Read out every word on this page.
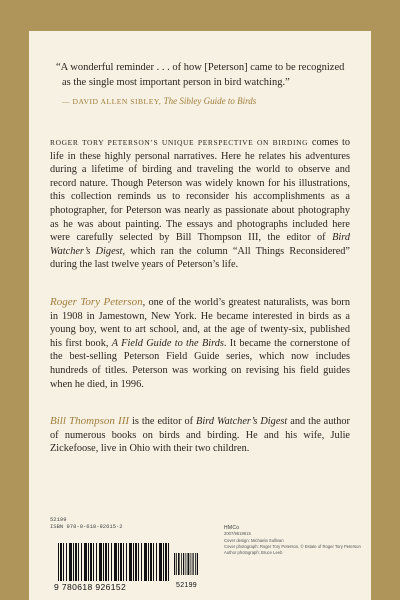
“A wonderful reminder . . . of how [Peterson] came to be recognized as the single most important person in bird watching.”

— DAVID ALLEN SIBLEY, The Sibley Guide to Birds

ROGER TORY PETERSON’S UNIQUE PERSPECTIVE ON BIRDING comes to life in these highly personal narratives. Here he relates his adventures during a lifetime of birding and traveling the world to observe and record nature. Though Peterson was widely known for his illustrations, this collection reminds us to reconsider his accomplishments as a photographer, for Peterson was nearly as passionate about photography as he was about painting. The essays and photographs included here were carefully selected by Bill Thompson III, the editor of Bird Watcher’s Digest, which ran the column “All Things Reconsidered” during the last twelve years of Peterson’s life.

Roger Tory Peterson, one of the world’s greatest naturalists, was born in 1908 in Jamestown, New York. He became interested in birds as a young boy, went to art school, and, at the age of twenty-six, published his first book, A Field Guide to the Birds. It became the cornerstone of the best-selling Peterson Field Guide series, which now includes hundreds of titles. Peterson was working on revising his field guides when he died, in 1996.

Bill Thompson III is the editor of Bird Watcher’s Digest and the author of numerous books on birds and birding. He and his wife, Julie Zickefoose, live in Ohio with their two children.

52199
ISBN 978-0-618-92615-2
9 780618 926152	52199
HMCo
2007/9618615
Cover design: Michaela Sullivan
Cover photograph: Roger Tory Peterson, © Estate of Roger Tory Peterson
Author photograph: Bruce Leeb
